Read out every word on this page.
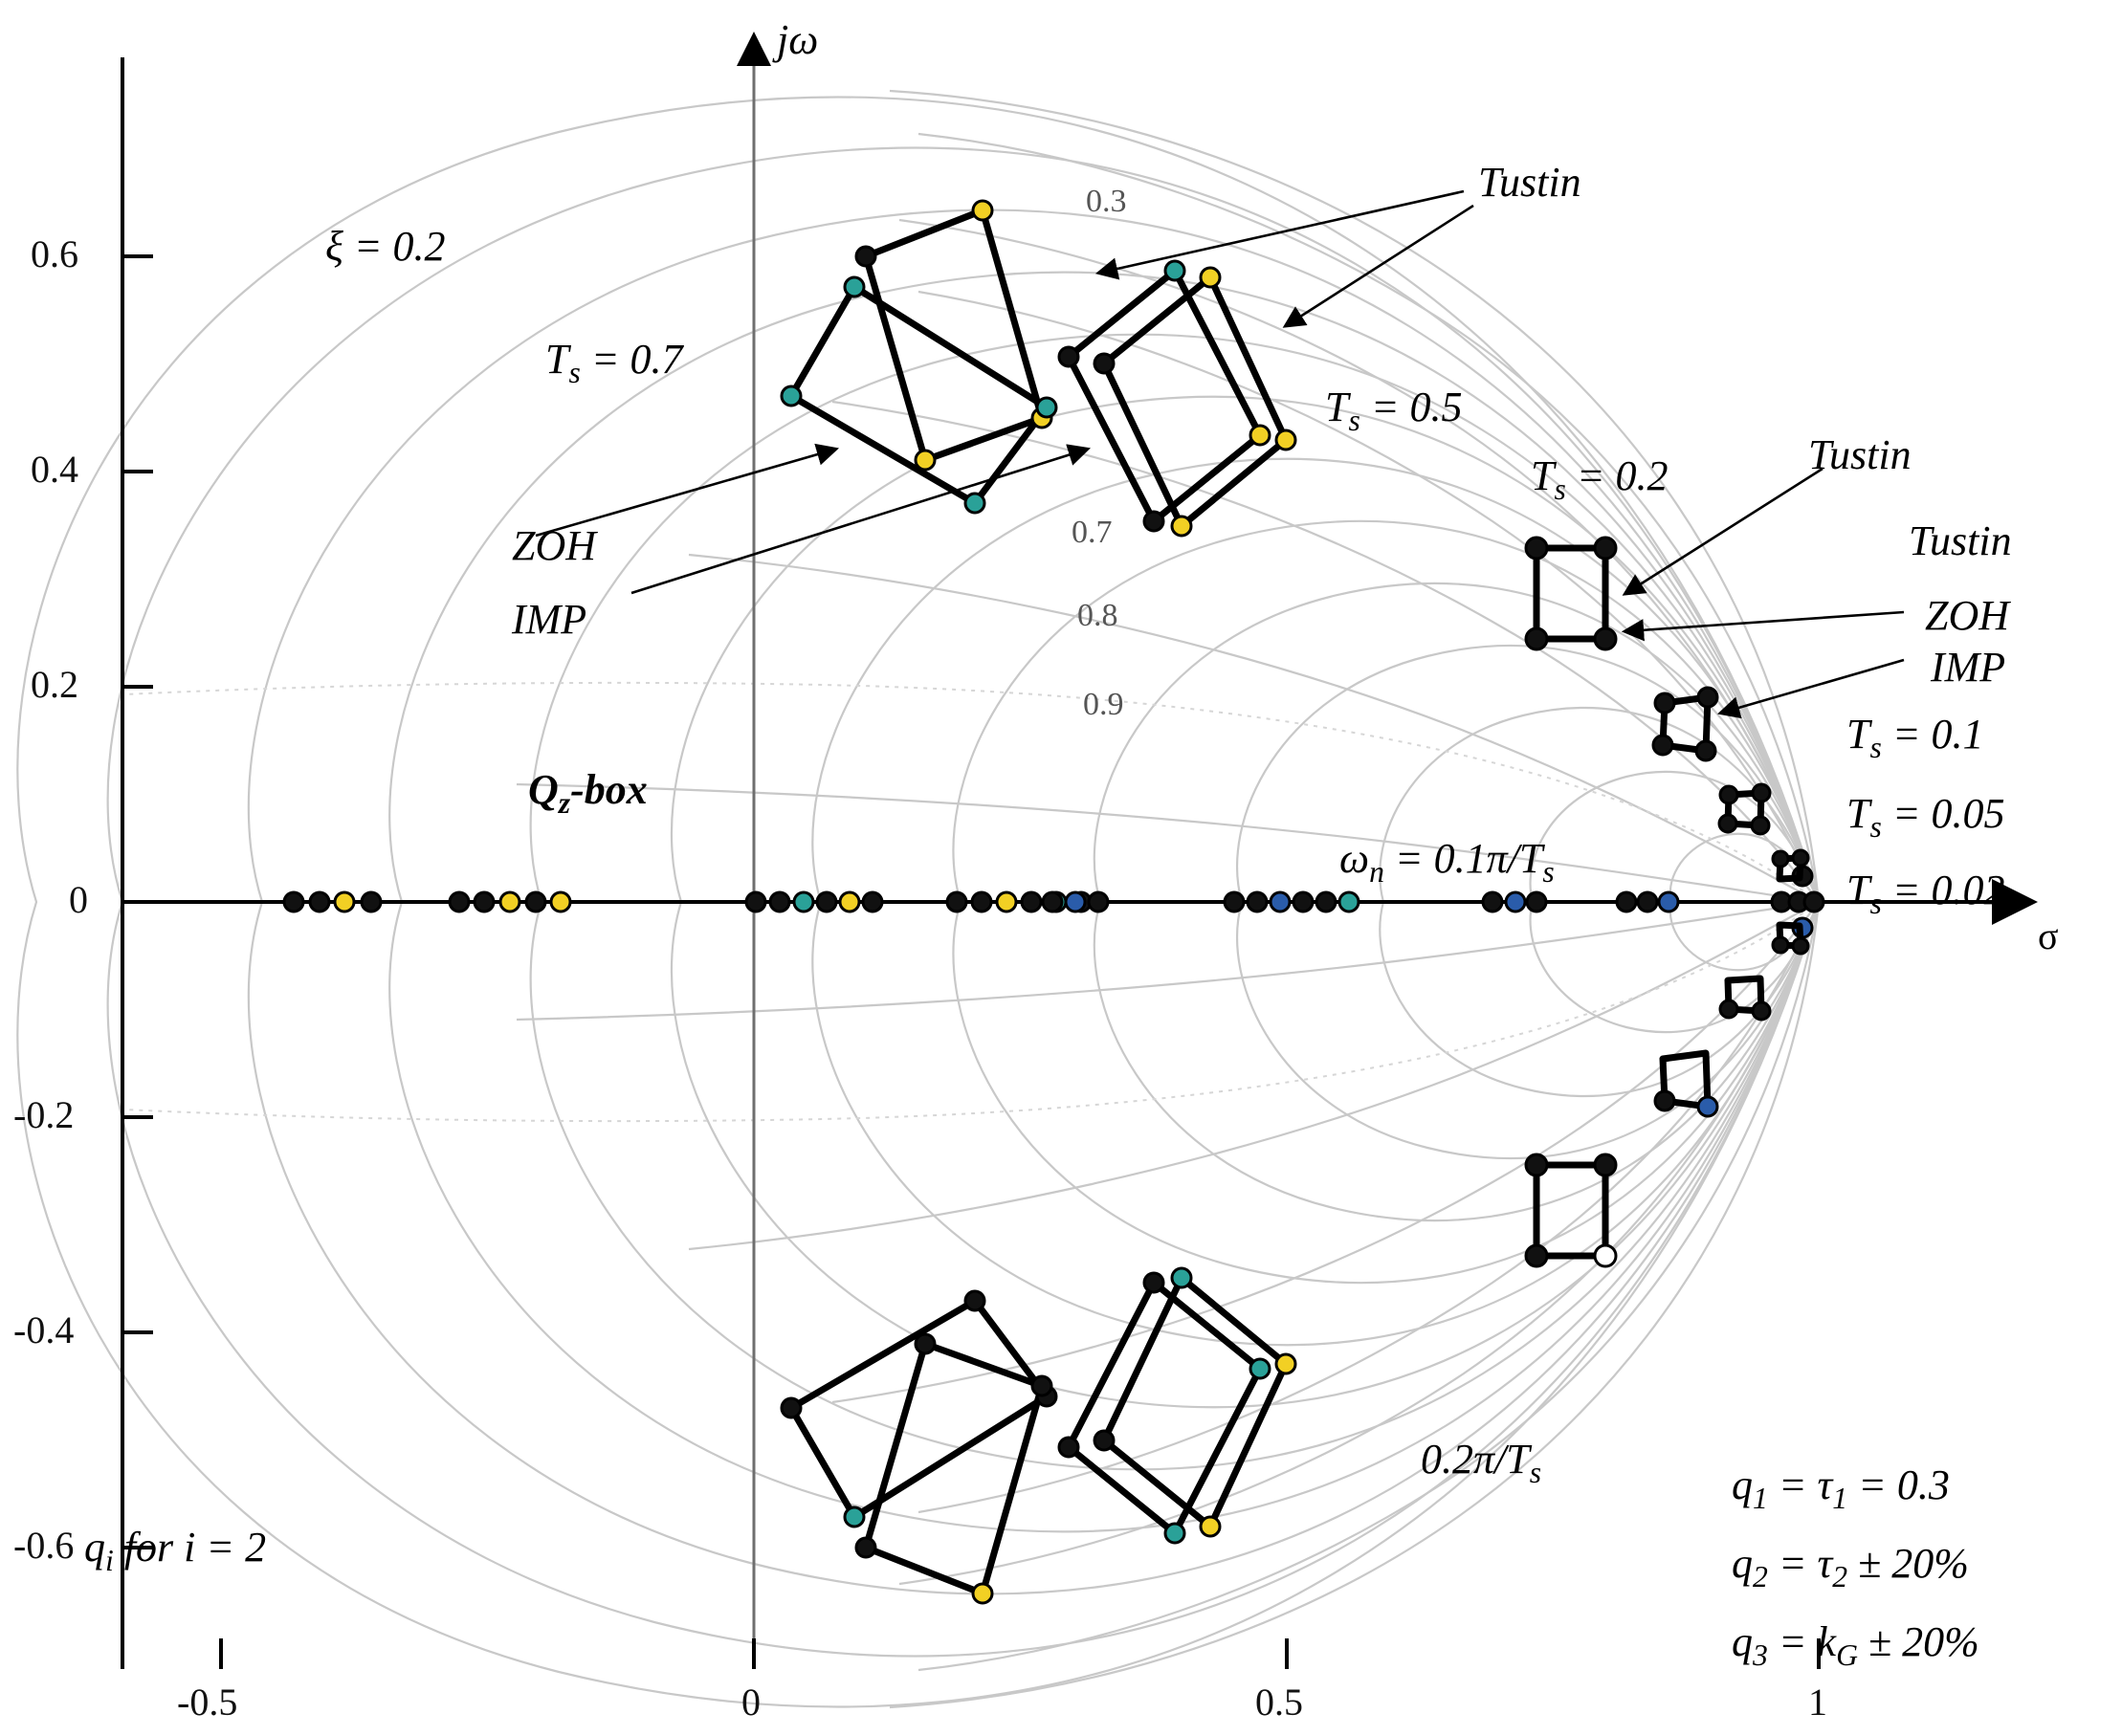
0.6
0.4
0.2
0
-0.2
-0.4
-0.6
-0.5	0	0.5	1
jω
σ
0.3
0.7
0.8
0.9
ξ = 0.2
$T_s = 0.7$
$T_s = 0.5$
$T_s = 0.2$
$T_s = 0.1$
$T_s = 0.05$
$T_s = 0.02$
Tustin
Tustin
Tustin
ZOH
IMP
ZOH
IMP
$Q_z$-box
$\omega_n = 0.1\pi/T_s$
$0.2\pi/T_s$
$q_i$ for i = 2
$q_1 = \tau_1 = 0.3$
$q_2 = \tau_2 \pm 20\%$
$q_3 = k_G \pm 20\%$
